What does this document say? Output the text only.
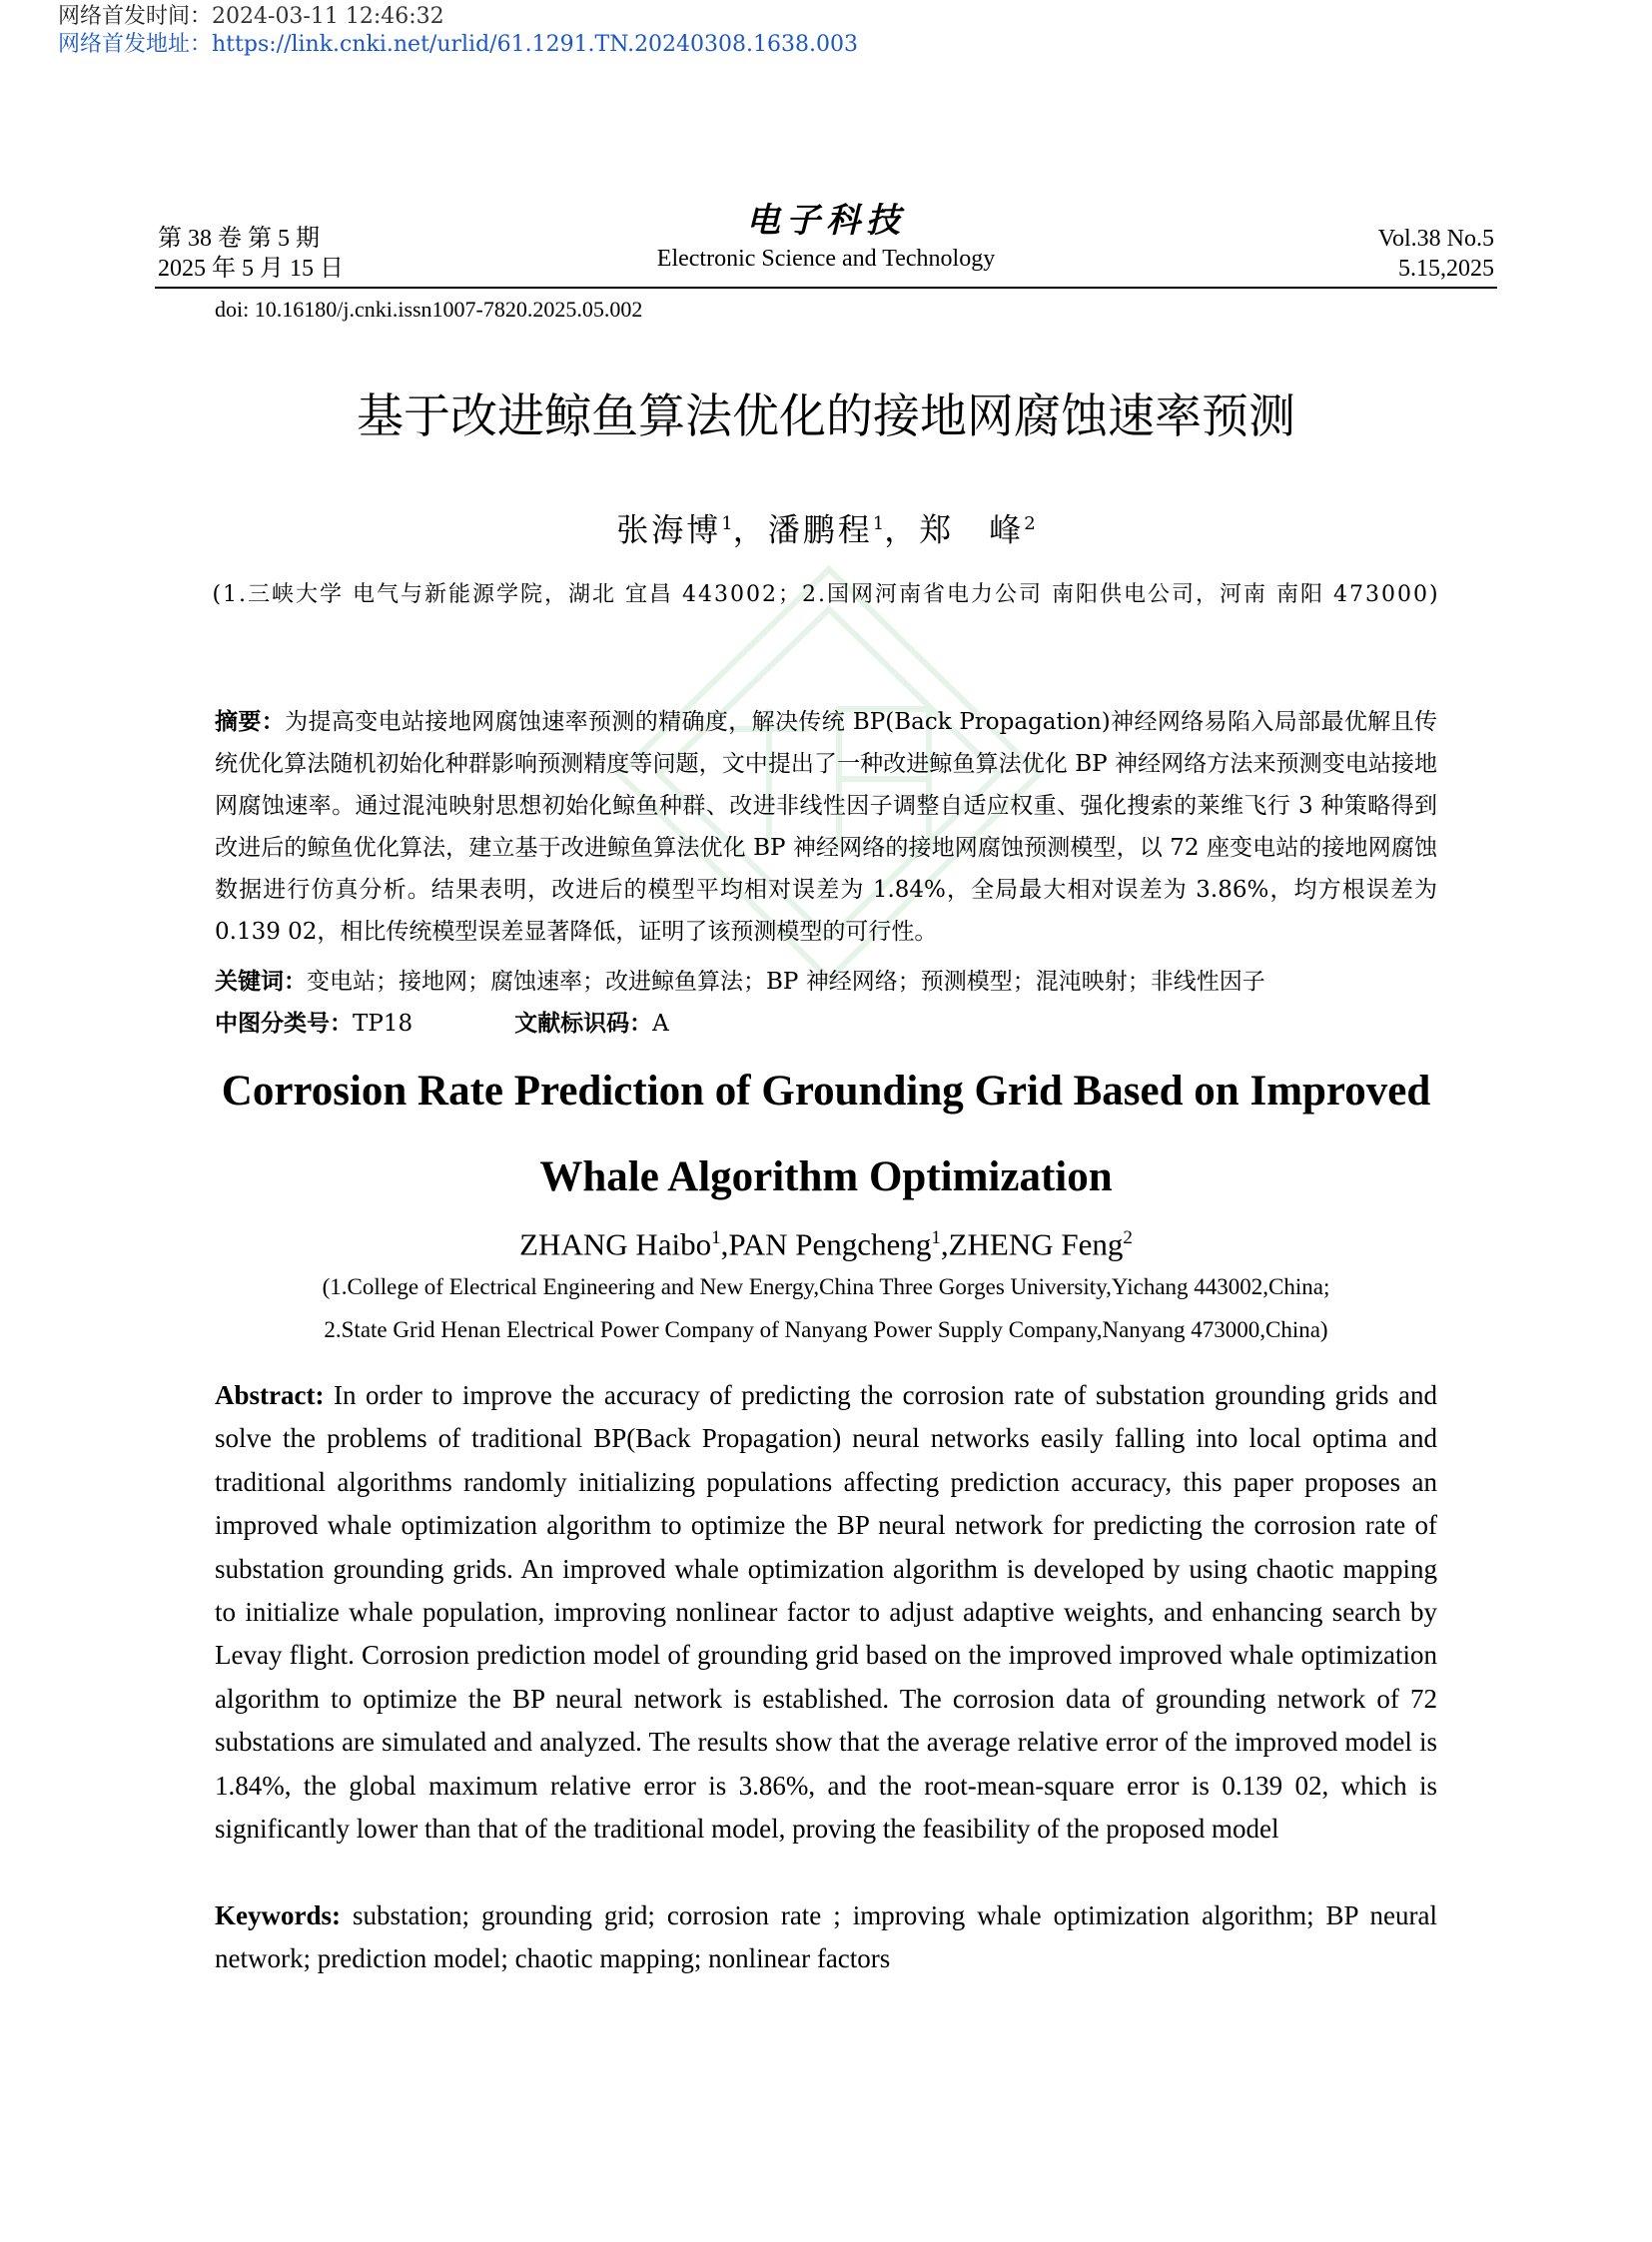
网络首发时间：2024-03-11 12:46:32
网络首发地址：https://link.cnki.net/urlid/61.1291.TN.20240308.1638.003
第 38 卷 第 5 期
2025 年 5 月 15 日
电子科技
Electronic Science and Technology
Vol.38 No.5
5.15,2025
doi: 10.16180/j.cnki.issn1007-7820.2025.05.002
基于改进鲸鱼算法优化的接地网腐蚀速率预测
张海博$^1$，潘鹏程$^1$，郑　峰$^2$
(1.三峡大学 电气与新能源学院，湖北 宜昌 443002；2.国网河南省电力公司 南阳供电公司，河南 南阳 473000)
摘要：为提高变电站接地网腐蚀速率预测的精确度，解决传统 BP(Back Propagation)神经网络易陷入局部最优解且传统优化算法随机初始化种群影响预测精度等问题，文中提出了一种改进鲸鱼算法优化 BP 神经网络方法来预测变电站接地网腐蚀速率。通过混沌映射思想初始化鲸鱼种群、改进非线性因子调整自适应权重、强化搜索的莱维飞行 3 种策略得到改进后的鲸鱼优化算法，建立基于改进鲸鱼算法优化 BP 神经网络的接地网腐蚀预测模型，以 72 座变电站的接地网腐蚀数据进行仿真分析。结果表明，改进后的模型平均相对误差为 1.84%，全局最大相对误差为 3.86%，均方根误差为 0.139 02，相比传统模型误差显著降低，证明了该预测模型的可行性。
关键词：变电站；接地网；腐蚀速率；改进鲸鱼算法；BP 神经网络；预测模型；混沌映射；非线性因子
中图分类号：TP18	文献标识码：A
Corrosion Rate Prediction of Grounding Grid Based on Improved
Whale Algorithm Optimization
ZHANG Haibo$^1$,PAN Pengcheng$^1$,ZHENG Feng$^2$
(1.College of Electrical Engineering and New Energy,China Three Gorges University,Yichang 443002,China;
2.State Grid Henan Electrical Power Company of Nanyang Power Supply Company,Nanyang 473000,China)
Abstract: In order to improve the accuracy of predicting the corrosion rate of substation grounding grids and solve the problems of traditional BP(Back Propagation) neural networks easily falling into local optima and traditional algorithms randomly initializing populations affecting prediction accuracy, this paper proposes an improved whale optimization algorithm to optimize the BP neural network for predicting the corrosion rate of substation grounding grids. An improved whale optimization algorithm is developed by using chaotic mapping to initialize whale population, improving nonlinear factor to adjust adaptive weights, and enhancing search by Levay flight. Corrosion prediction model of grounding grid based on the improved improved whale optimization algorithm to optimize the BP neural network is established. The corrosion data of grounding network of 72 substations are simulated and analyzed. The results show that the average relative error of the improved model is 1.84%, the global maximum relative error is 3.86%, and the root-mean-square error is 0.139 02, which is significantly lower than that of the traditional model, proving the feasibility of the proposed model
Keywords: substation; grounding grid; corrosion rate ; improving whale optimization algorithm; BP neural network; prediction model; chaotic mapping; nonlinear factors
